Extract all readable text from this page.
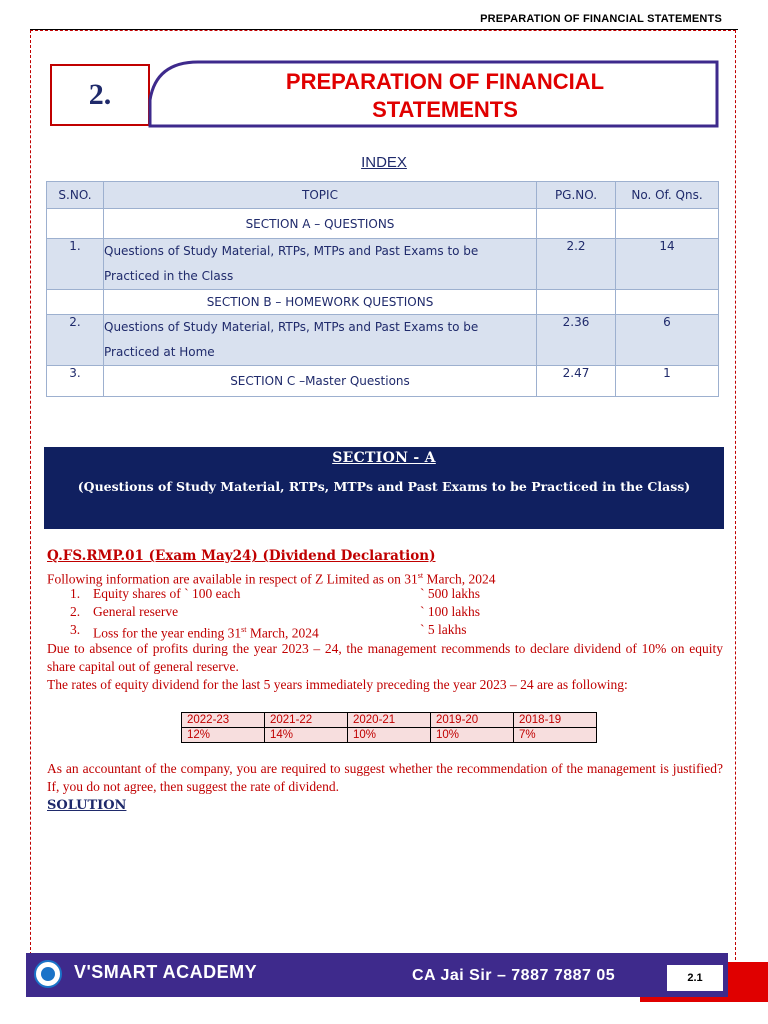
PREPARATION OF FINANCIAL STATEMENTS
2.	PREPARATION OF FINANCIAL
STATEMENTS
INDEX
S.NO.	TOPIC	PG.NO.	No. Of. Qns.
	SECTION A – QUESTIONS		
1.	Questions of Study Material, RTPs, MTPs and Past Exams to be Practiced in the Class	2.2	14
	SECTION B – HOMEWORK QUESTIONS		
2.	Questions of Study Material, RTPs, MTPs and Past Exams to be Practiced at Home	2.36	6
3.	SECTION C –Master Questions	2.47	1
SECTION - A
(Questions of Study Material, RTPs, MTPs and Past Exams to be Practiced in the Class)
Q.FS.RMP.01 (Exam May24) (Dividend Declaration)
Following information are available in respect of Z Limited as on 31st March, 2024
1. Equity shares of ` 100 each	` 500 lakhs
2. General reserve	` 100 lakhs
3. Loss for the year ending 31st March, 2024	` 5 lakhs
Due to absence of profits during the year 2023 – 24, the management recommends to declare dividend of 10% on equity share capital out of general reserve.
The rates of equity dividend for the last 5 years immediately preceding the year 2023 – 24 are as following:
2022-23	2021-22	2020-21	2019-20	2018-19
12%	14%	10%	10%	7%
As an accountant of the company, you are required to suggest whether the recommendation of the management is justified? If, you do not agree, then suggest the rate of dividend.
SOLUTION
V'SMART ACADEMY	CA Jai Sir – 7887 7887 05	2.1
